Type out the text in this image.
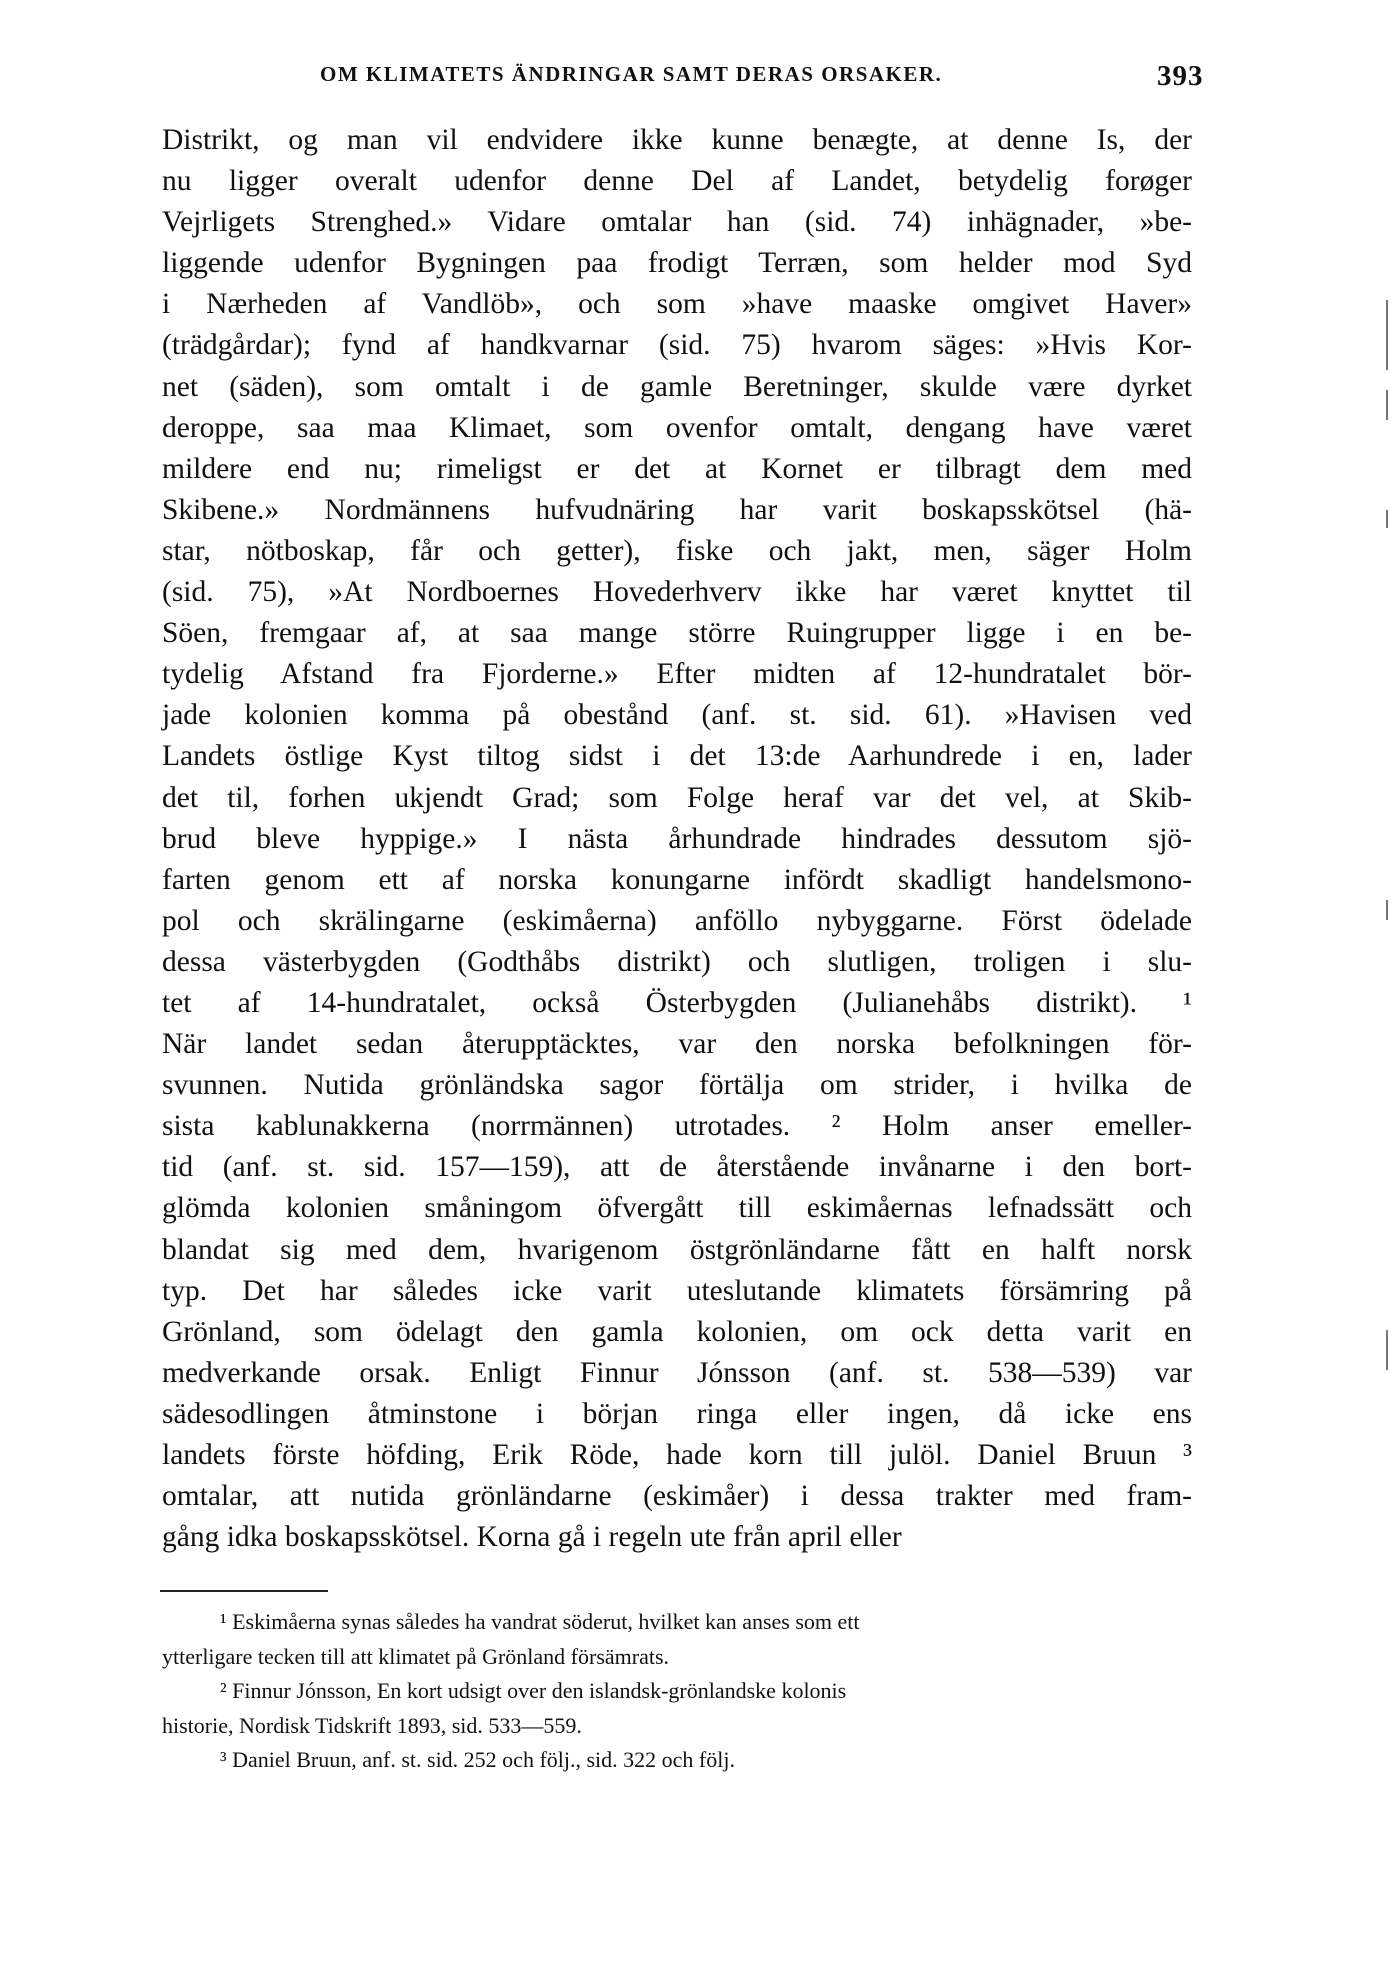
OM KLIMATETS ÄNDRINGAR SAMT DERAS ORSAKER.	393
Distrikt, og man vil endvidere ikke kunne benægte, at denne Is, der
nu ligger overalt udenfor denne Del af Landet, betydelig forøger
Vejrligets Strenghed.» Vidare omtalar han (sid. 74) inhägnader, »be-
liggende udenfor Bygningen paa frodigt Terræn, som helder mod Syd
i Nærheden af Vandlöb», och som »have maaske omgivet Haver»
(trädgårdar); fynd af handkvarnar (sid. 75) hvarom säges: »Hvis Kor-
net (säden), som omtalt i de gamle Beretninger, skulde være dyrket
deroppe, saa maa Klimaet, som ovenfor omtalt, dengang have været
mildere end nu; rimeligst er det at Kornet er tilbragt dem med
Skibene.» Nordmännens hufvudnäring har varit boskapsskötsel (hä-
star, nötboskap, får och getter), fiske och jakt, men, säger Holm
(sid. 75), »At Nordboernes Hovederhverv ikke har været knyttet til
Söen, fremgaar af, at saa mange större Ruingrupper ligge i en be-
tydelig Afstand fra Fjorderne.» Efter midten af 12-hundratalet bör-
jade kolonien komma på obestånd (anf. st. sid. 61). »Havisen ved
Landets östlige Kyst tiltog sidst i det 13:de Aarhundrede i en, lader
det til, forhen ukjendt Grad; som Folge heraf var det vel, at Skib-
brud bleve hyppige.» I nästa århundrade hindrades dessutom sjö-
farten genom ett af norska konungarne infördt skadligt handelsmono-
pol och skrälingarne (eskimåerna) anföllo nybyggarne. Först ödelade
dessa västerbygden (Godthåbs distrikt) och slutligen, troligen i slu-
tet af 14-hundratalet, också Österbygden (Julianehåbs distrikt). ¹
När landet sedan återupptäcktes, var den norska befolkningen för-
svunnen. Nutida grönländska sagor förtälja om strider, i hvilka de
sista kablunakkerna (norrmännen) utrotades. ² Holm anser emeller-
tid (anf. st. sid. 157—159), att de återstående invånarne i den bort-
glömda kolonien småningom öfvergått till eskimåernas lefnadssätt och
blandat sig med dem, hvarigenom östgrönländarne fått en halft norsk
typ. Det har således icke varit uteslutande klimatets försämring på
Grönland, som ödelagt den gamla kolonien, om ock detta varit en
medverkande orsak. Enligt Finnur Jónsson (anf. st. 538—539) var
sädesodlingen åtminstone i början ringa eller ingen, då icke ens
landets förste höfding, Erik Röde, hade korn till julöl. Daniel Bruun ³
omtalar, att nutida grönländarne (eskimåer) i dessa trakter med fram-
gång idka boskapsskötsel. Korna gå i regeln ute från april eller
¹ Eskimåerna synas således ha vandrat söderut, hvilket kan anses som ett
ytterligare tecken till att klimatet på Grönland försämrats.
² Finnur Jónsson, En kort udsigt over den islandsk-grönlandske kolonis
historie, Nordisk Tidskrift 1893, sid. 533—559.
³ Daniel Bruun, anf. st. sid. 252 och följ., sid. 322 och följ.
